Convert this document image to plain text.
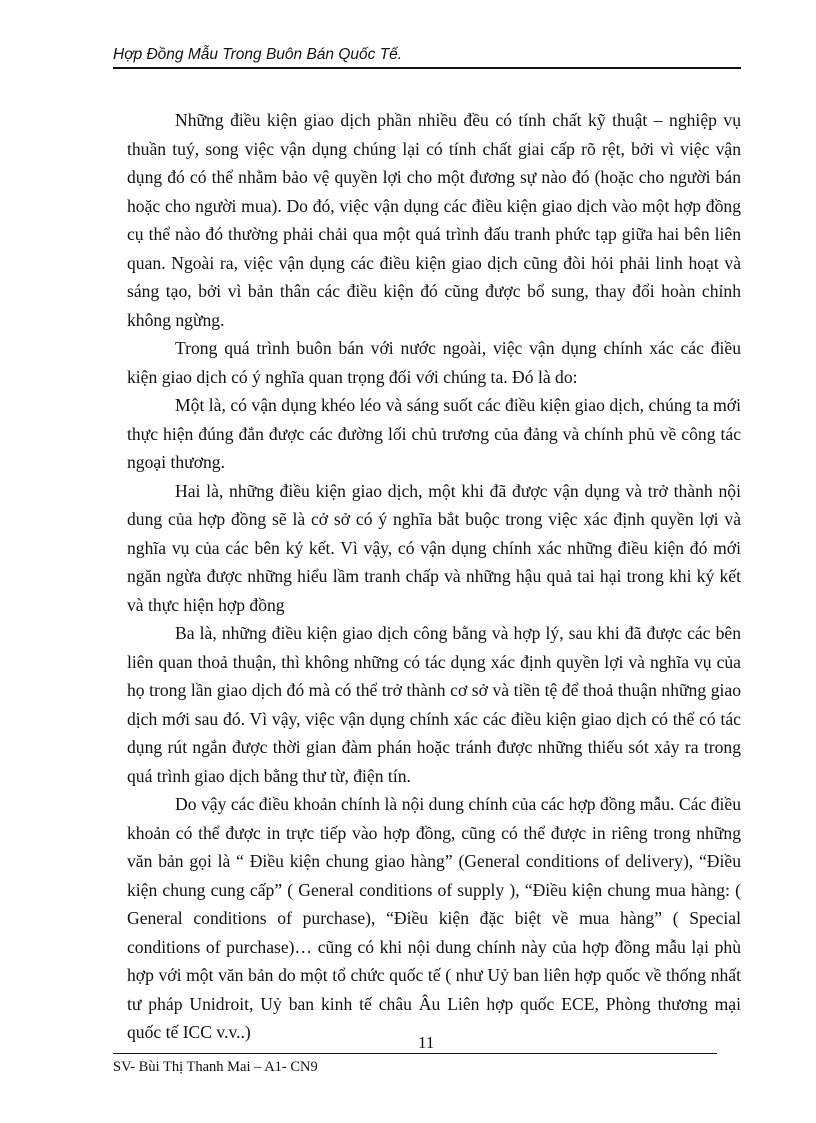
Hợp Đồng Mẫu Trong Buôn Bán Quốc Tế.

Những điều kiện giao dịch phần nhiều đều có tính chất kỹ thuật – nghiệp vụ thuần tuý, song việc vận dụng chúng lại có tính chất giai cấp rõ rệt, bởi vì việc vận dụng đó có thể nhằm bảo vệ quyền lợi cho một đương sự nào đó (hoặc cho người bán hoặc cho người mua). Do đó, việc vận dụng các điều kiện giao dịch vào một hợp đồng cụ thể nào đó thường phải chải qua một quá trình đấu tranh phức tạp giữa hai bên liên quan. Ngoài ra, việc vận dụng các điều kiện giao dịch cũng đòi hỏi phải linh hoạt và sáng tạo, bởi vì bản thân các điều kiện đó cũng được bổ sung, thay đổi hoàn chỉnh không ngừng.

Trong quá trình buôn bán với nước ngoài, việc vận dụng chính xác các điều kiện giao dịch có ý nghĩa quan trọng đối với chúng ta. Đó là do:

Một là, có vận dụng khéo léo và sáng suốt các điều kiện giao dịch, chúng ta mới thực hiện đúng đắn được các đường lối chủ trương của đảng và chính phủ về công tác ngoại thương.

Hai là, những điều kiện giao dịch, một khi đã được vận dụng và trở thành nội dung của hợp đồng sẽ là cở sở có ý nghĩa bắt buộc trong việc xác định quyền lợi và nghĩa vụ của các bên ký kết. Vì vậy, có vận dụng chính xác những điều kiện đó mới ngăn ngừa được những hiểu lầm tranh chấp và những hậu quả tai hại trong khi ký kết và thực hiện hợp đồng

Ba là, những điều kiện giao dịch công bằng và hợp lý, sau khi đã được các bên liên quan thoả thuận, thì không những có tác dụng xác định quyền lợi và nghĩa vụ của họ trong lần giao dịch đó mà có thể trở thành cơ sở và tiền tệ để thoả thuận những giao dịch mới sau đó. Vì vậy, việc vận dụng chính xác các điều kiện giao dịch có thể có tác dụng rút ngắn được thời gian đàm phán hoặc tránh được những thiếu sót xảy ra trong quá trình giao dịch bằng thư từ, điện tín.

Do vậy các điều khoản chính là nội dung chính của các hợp đồng mẫu. Các điều khoản có thể được in trực tiếp vào hợp đồng, cũng có thể được in riêng trong những văn bản gọi là “ Điều kiện chung giao hàng” (General conditions of delivery), “Điều kiện chung cung cấp” ( General conditions of supply ), “Điều kiện chung mua hàng: ( General conditions of purchase), “Điều kiện đặc biệt về mua hàng” ( Special conditions of purchase)… cũng có khi nội dung chính này của hợp đồng mẫu lại phù hợp với một văn bản do một tổ chức quốc tế ( như Uỷ ban liên hợp quốc về thống nhất tư pháp Unidroit, Uỷ ban kinh tế châu Âu Liên hợp quốc ECE, Phòng thương mại quốc tế ICC v.v..)

11
SV- Bùi Thị Thanh Mai – A1- CN9
